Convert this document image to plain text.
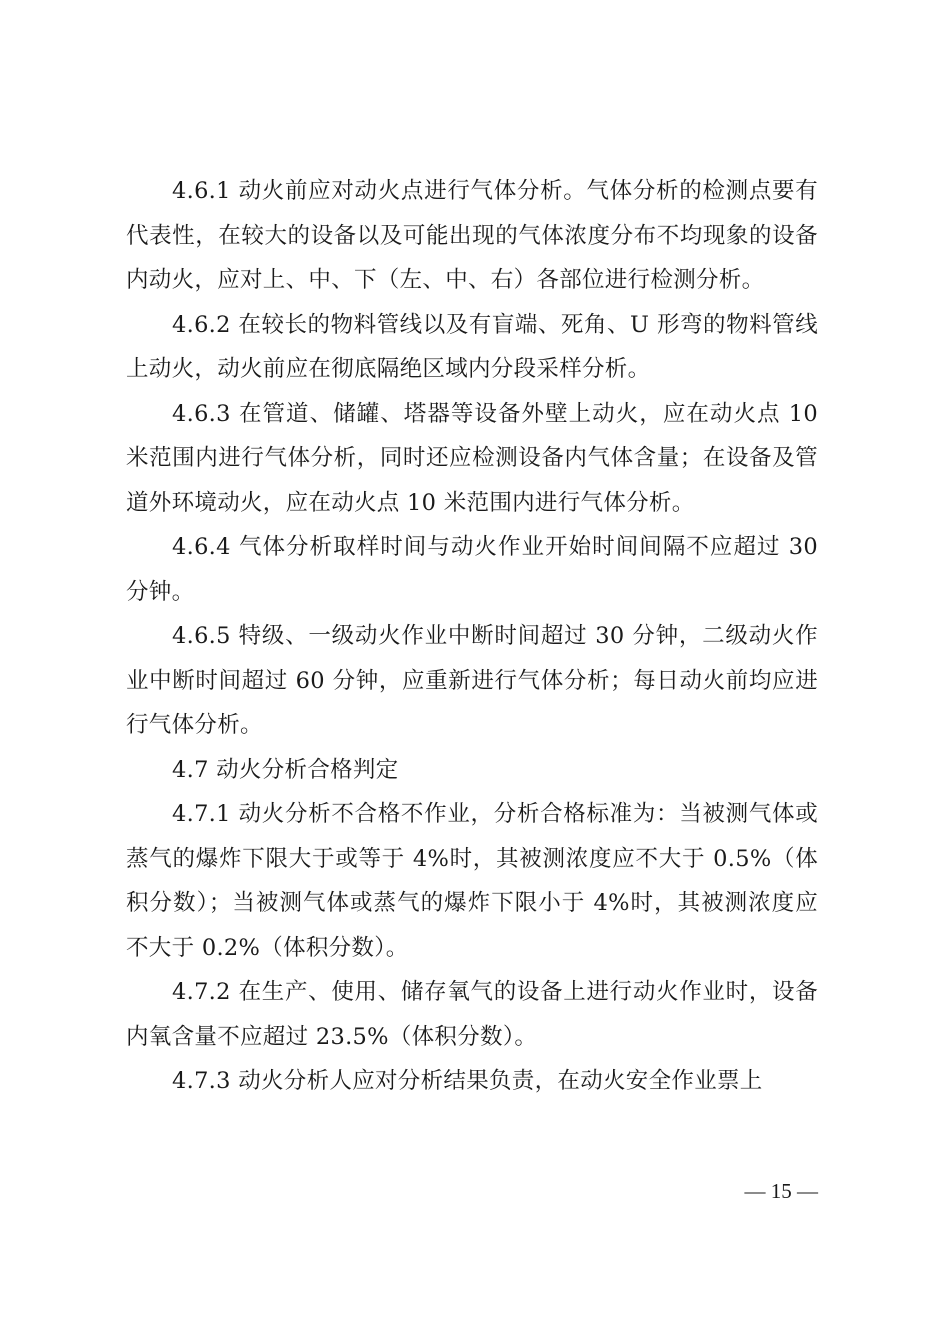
4.6.1 动火前应对动火点进行气体分析。气体分析的检测点要有代表性，在较大的设备以及可能出现的气体浓度分布不均现象的设备内动火，应对上、中、下（左、中、右）各部位进行检测分析。

4.6.2 在较长的物料管线以及有盲端、死角、U 形弯的物料管线上动火，动火前应在彻底隔绝区域内分段采样分析。

4.6.3 在管道、储罐、塔器等设备外壁上动火，应在动火点 10 米范围内进行气体分析，同时还应检测设备内气体含量；在设备及管道外环境动火，应在动火点 10 米范围内进行气体分析。

4.6.4 气体分析取样时间与动火作业开始时间间隔不应超过 30 分钟。

4.6.5 特级、一级动火作业中断时间超过 30 分钟，二级动火作业中断时间超过 60 分钟，应重新进行气体分析；每日动火前均应进行气体分析。

4.7 动火分析合格判定

4.7.1 动火分析不合格不作业，分析合格标准为：当被测气体或蒸气的爆炸下限大于或等于 4%时，其被测浓度应不大于 0.5%（体积分数）；当被测气体或蒸气的爆炸下限小于 4%时，其被测浓度应不大于 0.2%（体积分数）。

4.7.2 在生产、使用、储存氧气的设备上进行动火作业时，设备内氧含量不应超过 23.5%（体积分数）。

4.7.3 动火分析人应对分析结果负责，在动火安全作业票上

— 15 —
